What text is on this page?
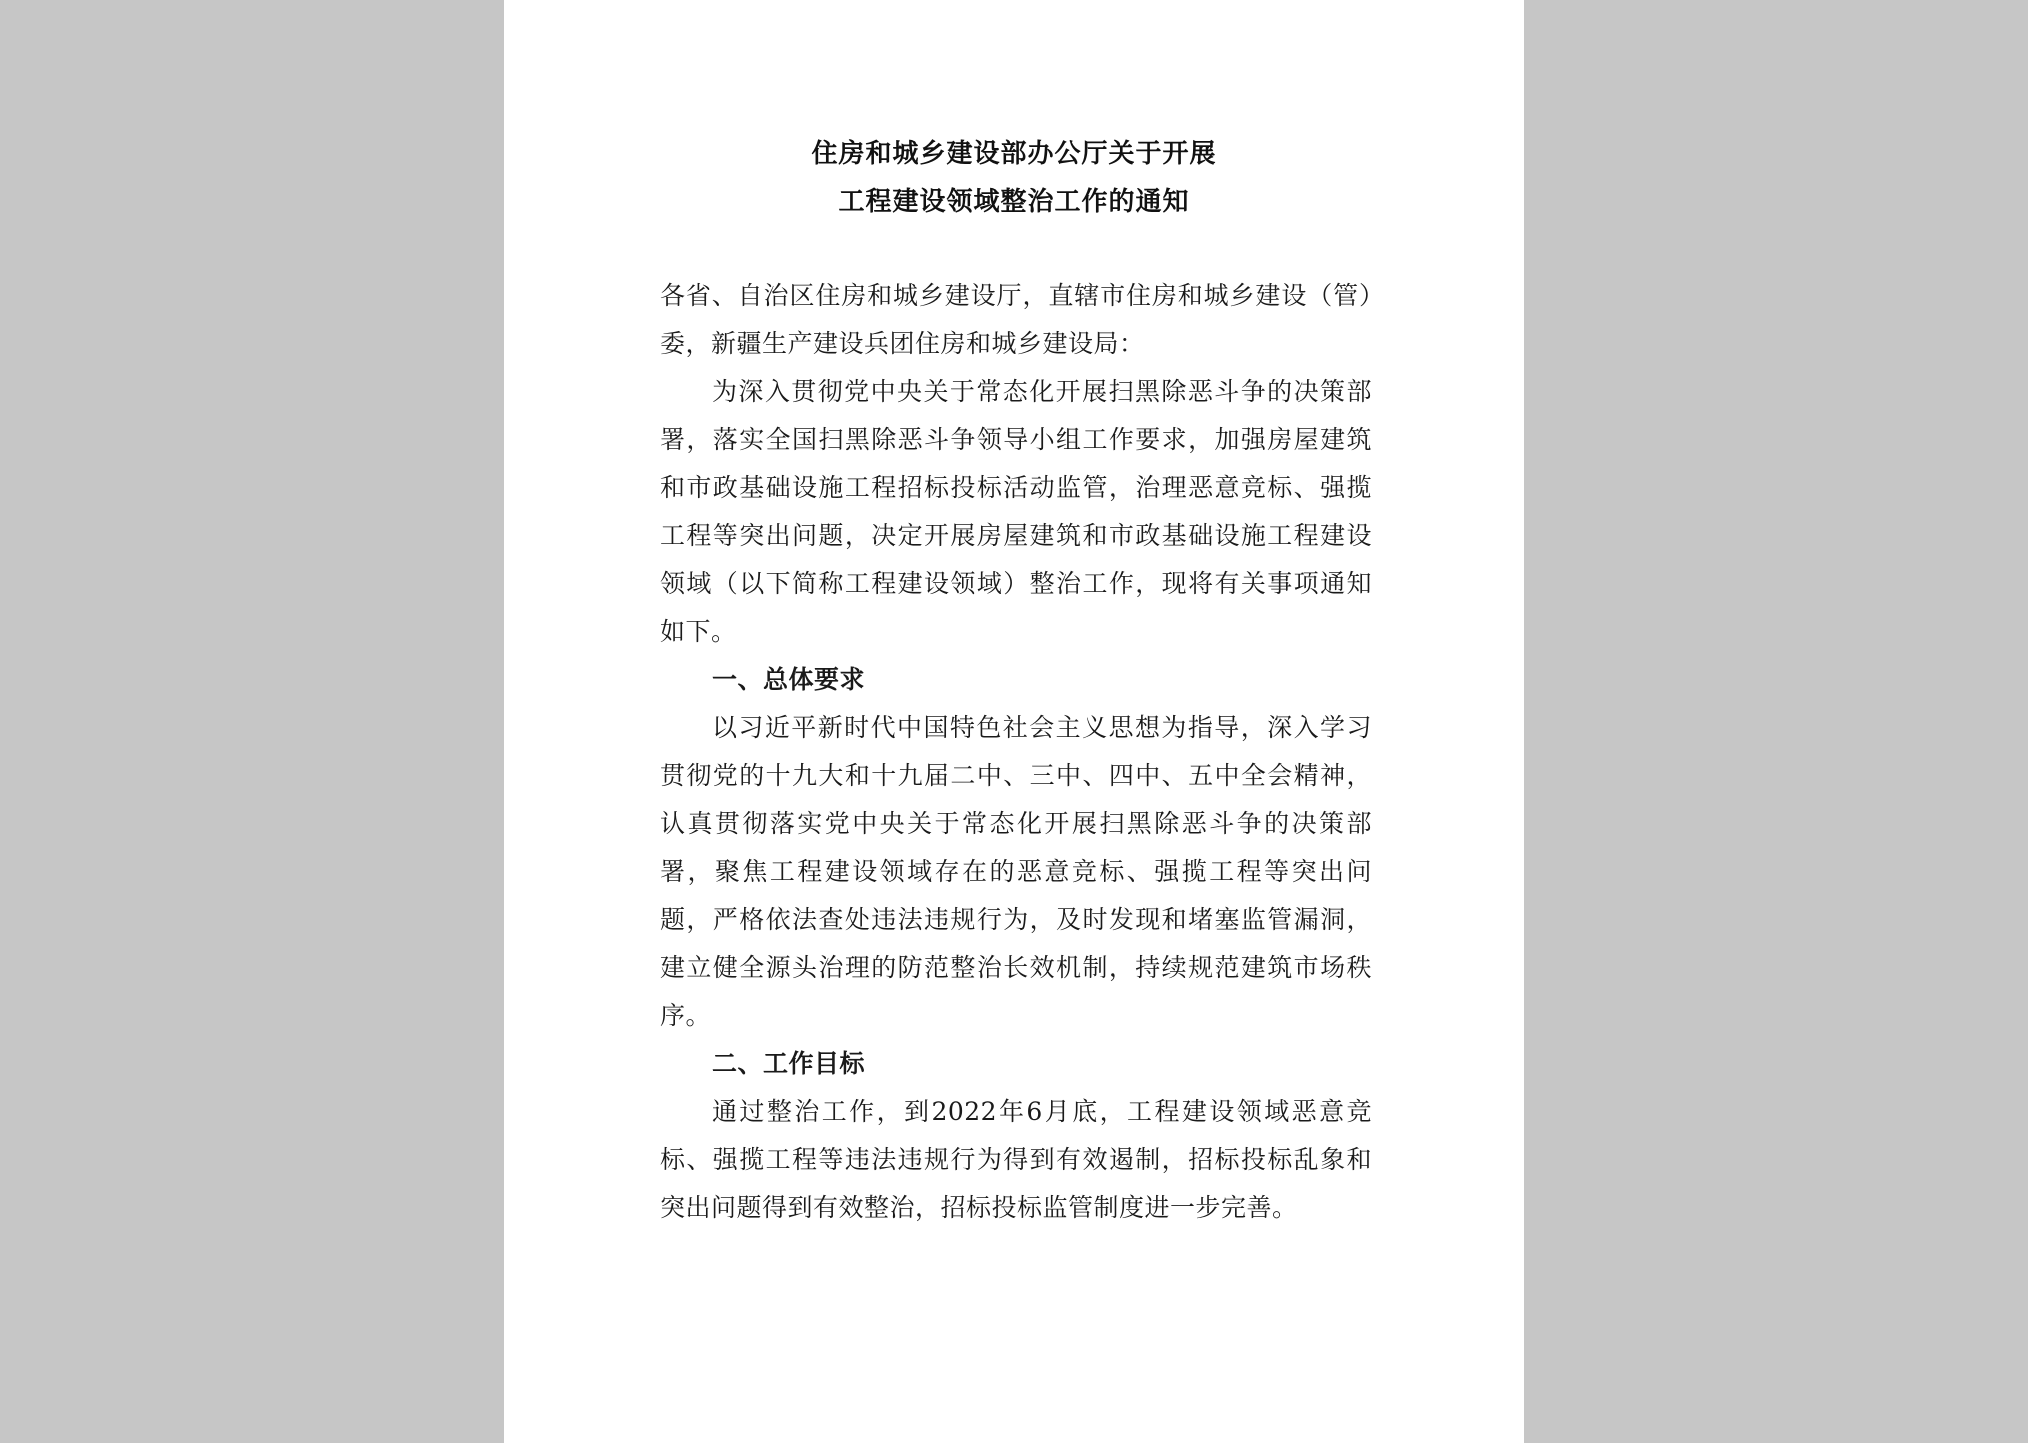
住房和城乡建设部办公厅关于开展
工程建设领域整治工作的通知

各省、自治区住房和城乡建设厅，直辖市住房和城乡建设（管）委，新疆生产建设兵团住房和城乡建设局：

为深入贯彻党中央关于常态化开展扫黑除恶斗争的决策部署，落实全国扫黑除恶斗争领导小组工作要求，加强房屋建筑和市政基础设施工程招标投标活动监管，治理恶意竞标、强揽工程等突出问题，决定开展房屋建筑和市政基础设施工程建设领域（以下简称工程建设领域）整治工作，现将有关事项通知如下。

一、总体要求

以习近平新时代中国特色社会主义思想为指导，深入学习贯彻党的十九大和十九届二中、三中、四中、五中全会精神，认真贯彻落实党中央关于常态化开展扫黑除恶斗争的决策部署，聚焦工程建设领域存在的恶意竞标、强揽工程等突出问题，严格依法查处违法违规行为，及时发现和堵塞监管漏洞，建立健全源头治理的防范整治长效机制，持续规范建筑市场秩序。

二、工作目标

通过整治工作，到2022年6月底，工程建设领域恶意竞标、强揽工程等违法违规行为得到有效遏制，招标投标乱象和突出问题得到有效整治，招标投标监管制度进一步完善。
